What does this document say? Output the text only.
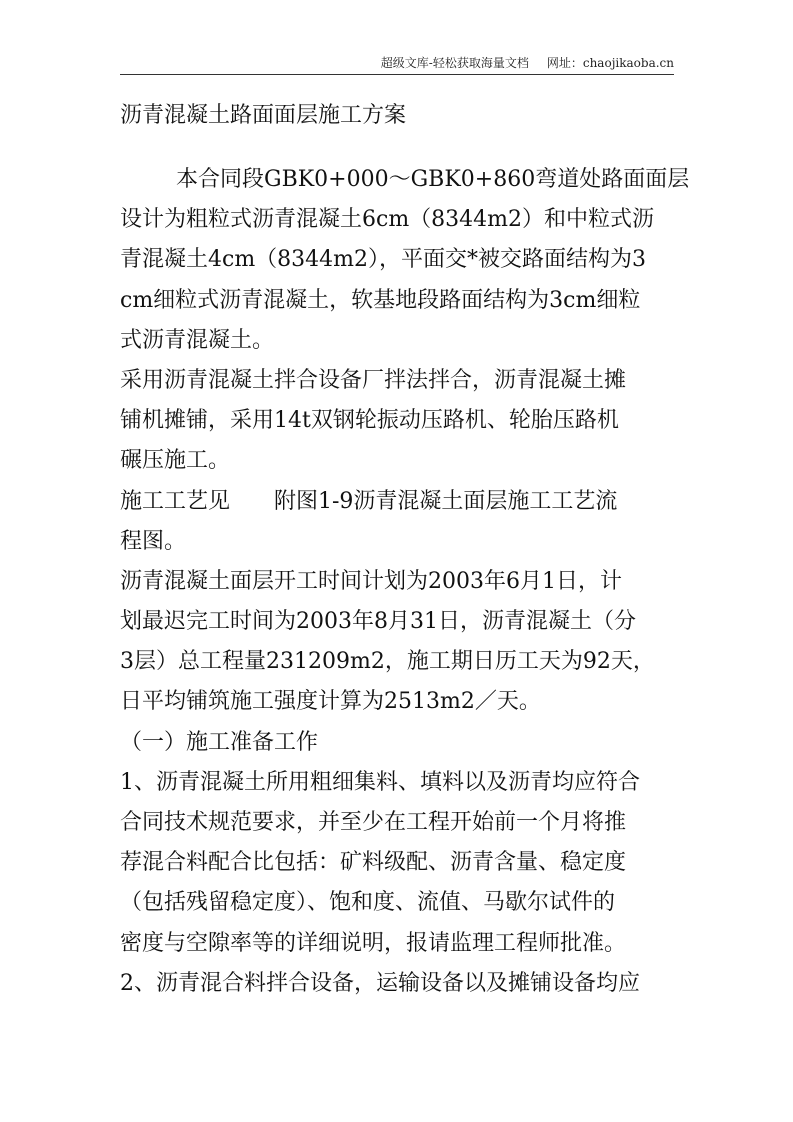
超级文库-轻松获取海量文档 网址：chaojikaoba.cn

沥青混凝土路面面层施工方案

本合同段GBK0+000～GBK0+860弯道处路面面层

设计为粗粒式沥青混凝土6cm（8344m2）和中粒式沥

青混凝土4cm（8344m2），平面交*被交路面结构为3

cm细粒式沥青混凝土，软基地段路面结构为3cm细粒

式沥青混凝土。

采用沥青混凝土拌合设备厂拌法拌合，沥青混凝土摊

铺机摊铺，采用14t双钢轮振动压路机、轮胎压路机

碾压施工。

施工工艺见　　附图1-9沥青混凝土面层施工工艺流

程图。

沥青混凝土面层开工时间计划为2003年6月1日，计

划最迟完工时间为2003年8月31日，沥青混凝土（分

3层）总工程量231209m2，施工期日历工天为92天，

日平均铺筑施工强度计算为2513m2／天。

（一）施工准备工作

1、沥青混凝土所用粗细集料、填料以及沥青均应符合

合同技术规范要求，并至少在工程开始前一个月将推

荐混合料配合比包括：矿料级配、沥青含量、稳定度

（包括残留稳定度）、饱和度、流值、马歇尔试件的

密度与空隙率等的详细说明，报请监理工程师批准。

2、沥青混合料拌合设备，运输设备以及摊铺设备均应
